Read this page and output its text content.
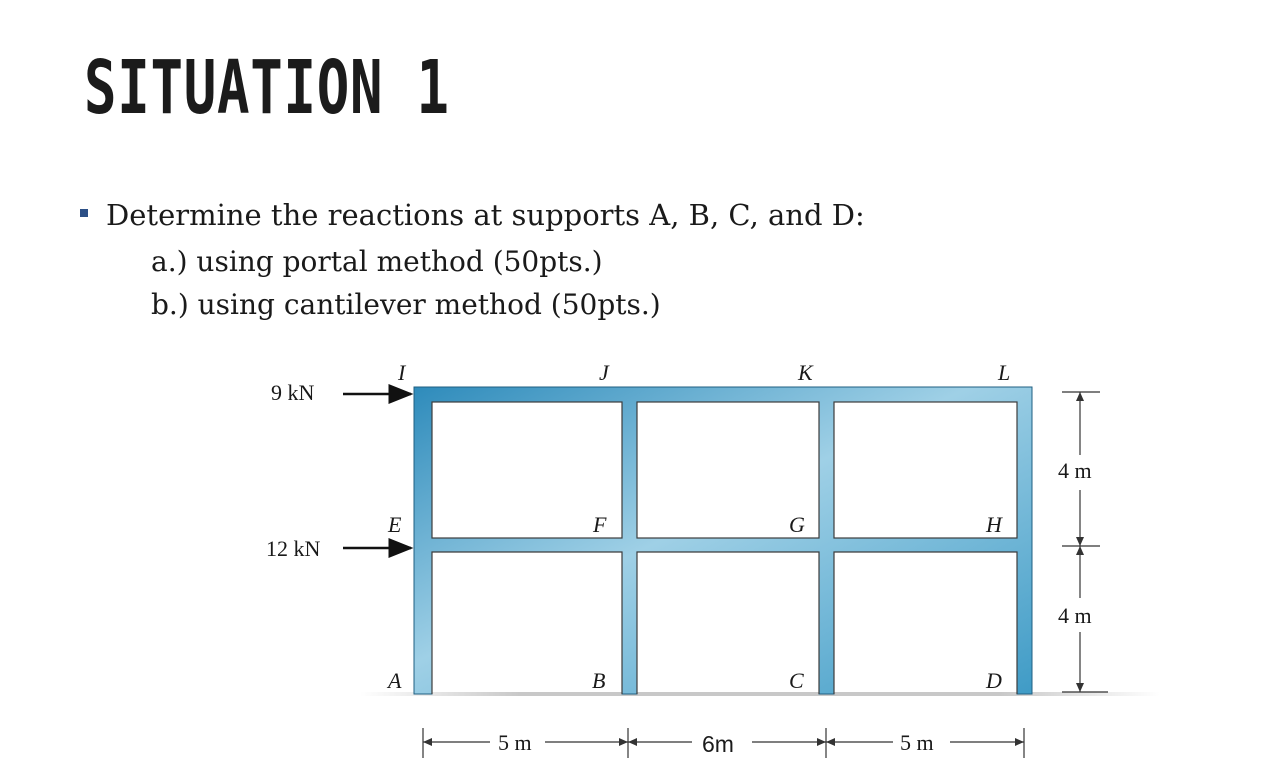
SITUATION 1
Determine the reactions at supports A, B, C, and D:
a.) using portal method (50pts.)
b.) using cantilever method (50pts.)
I	J	K	L
E	F	G	H
A	B	C	D
9 kN
12 kN
4 m
4 m
5 m	6m	5 m
